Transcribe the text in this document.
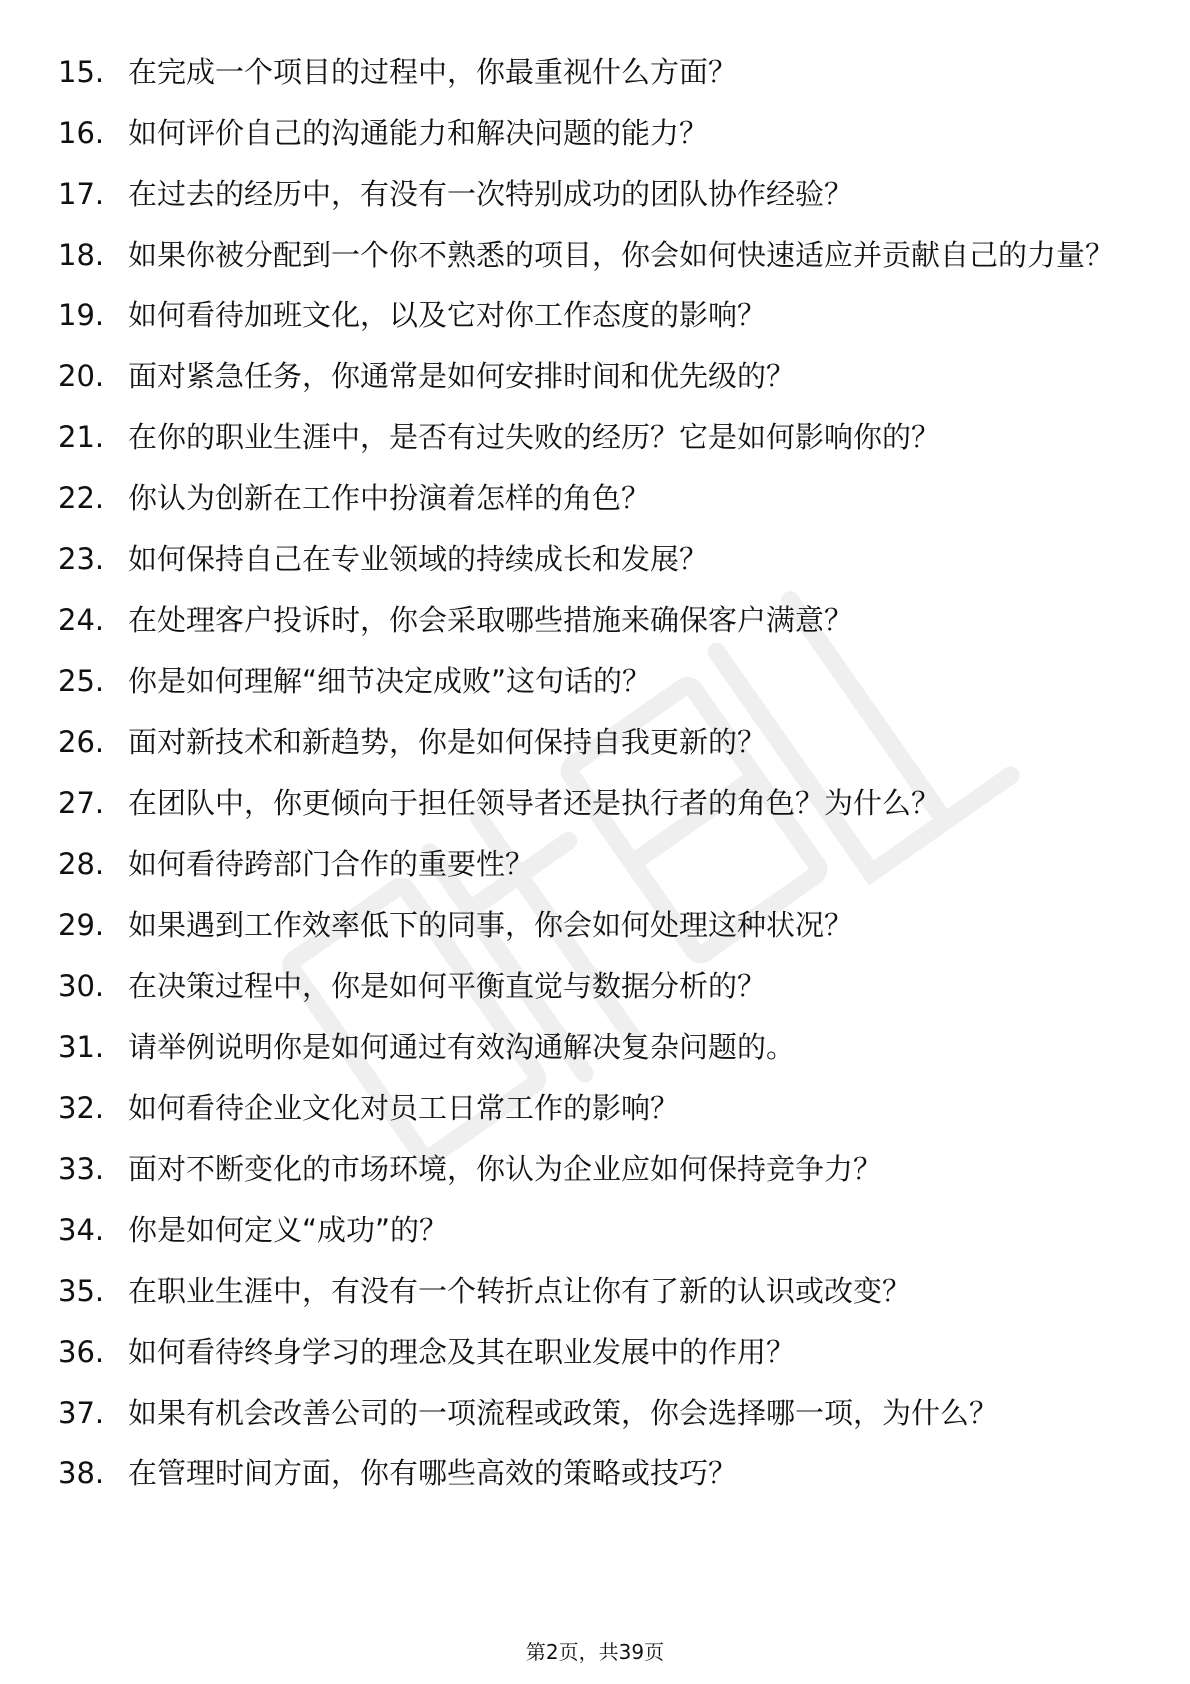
15. 在完成一个项目的过程中，你最重视什么方面？
16. 如何评价自己的沟通能力和解决问题的能力？
17. 在过去的经历中，有没有一次特别成功的团队协作经验？
18. 如果你被分配到一个你不熟悉的项目，你会如何快速适应并贡献自己的力量？
19. 如何看待加班文化，以及它对你工作态度的影响？
20. 面对紧急任务，你通常是如何安排时间和优先级的？
21. 在你的职业生涯中，是否有过失败的经历？它是如何影响你的？
22. 你认为创新在工作中扮演着怎样的角色？
23. 如何保持自己在专业领域的持续成长和发展？
24. 在处理客户投诉时，你会采取哪些措施来确保客户满意？
25. 你是如何理解“细节决定成败”这句话的？
26. 面对新技术和新趋势，你是如何保持自我更新的？
27. 在团队中，你更倾向于担任领导者还是执行者的角色？为什么？
28. 如何看待跨部门合作的重要性？
29. 如果遇到工作效率低下的同事，你会如何处理这种状况？
30. 在决策过程中，你是如何平衡直觉与数据分析的？
31. 请举例说明你是如何通过有效沟通解决复杂问题的。
32. 如何看待企业文化对员工日常工作的影响？
33. 面对不断变化的市场环境，你认为企业应如何保持竞争力？
34. 你是如何定义“成功”的？
35. 在职业生涯中，有没有一个转折点让你有了新的认识或改变？
36. 如何看待终身学习的理念及其在职业发展中的作用？
37. 如果有机会改善公司的一项流程或政策，你会选择哪一项，为什么？
38. 在管理时间方面，你有哪些高效的策略或技巧？
第2页，共39页
